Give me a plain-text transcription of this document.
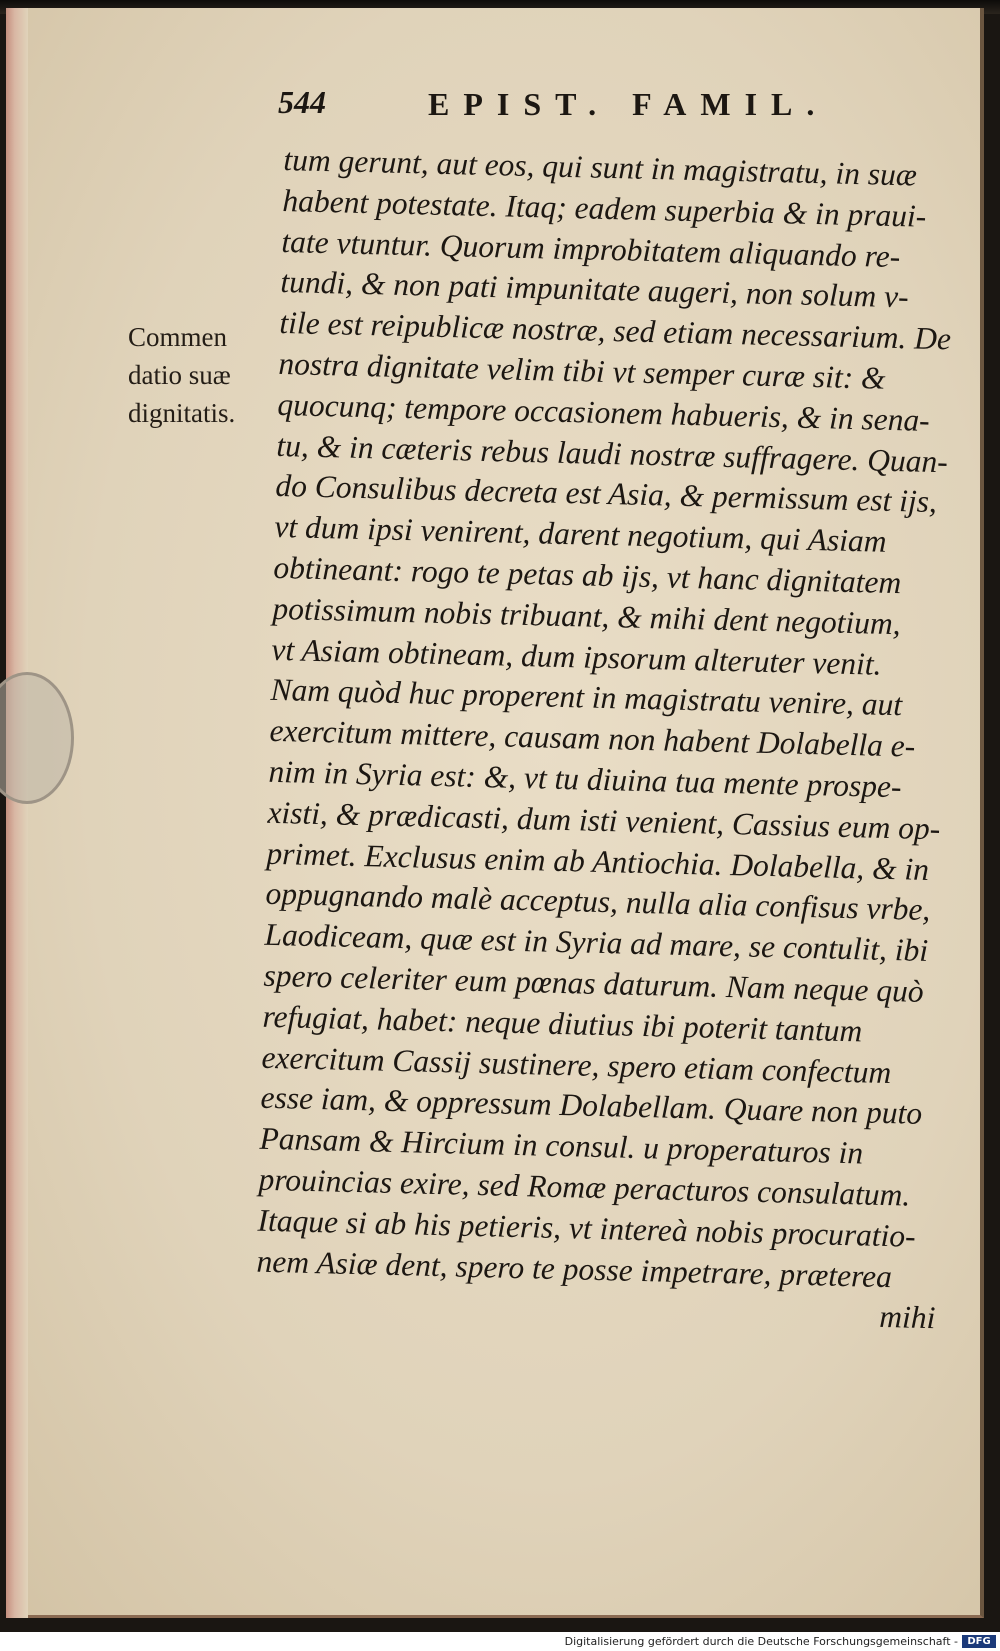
544	EPIST. FAMIL.
Commen
datio suæ
dignitatis.
tum gerunt, aut eos, qui sunt in magistratu, in suæ
habent potestate. Itaq; eadem superbia & in praui-
tate vtuntur. Quorum improbitatem aliquando re-
tundi, & non pati impunitate augeri, non solum v-
tile est reipublicæ nostræ, sed etiam necessarium. De
nostra dignitate velim tibi vt semper curæ sit: &
quocunq; tempore occasionem habueris, & in sena-
tu, & in cæteris rebus laudi nostræ suffragere. Quan-
do Consulibus decreta est Asia, & permissum est ijs,
vt dum ipsi venirent, darent negotium, qui Asiam
obtineant: rogo te petas ab ijs, vt hanc dignitatem
potissimum nobis tribuant, & mihi dent negotium,
vt Asiam obtineam, dum ipsorum alteruter venit.
Nam quòd huc properent in magistratu venire, aut
exercitum mittere, causam non habent Dolabella e-
nim in Syria est: &, vt tu diuina tua mente prospe-
xisti, & prædicasti, dum isti venient, Cassius eum op-
primet. Exclusus enim ab Antiochia. Dolabella, & in
oppugnando malè acceptus, nulla alia confisus vrbe,
Laodiceam, quæ est in Syria ad mare, se contulit, ibi
spero celeriter eum pœnas daturum. Nam neque quò
refugiat, habet: neque diutius ibi poterit tantum
exercitum Cassij sustinere, spero etiam confectum
esse iam, & oppressum Dolabellam. Quare non puto
Pansam & Hircium in consul. u properaturos in
prouincias exire, sed Romæ peracturos consulatum.
Itaque si ab his petieris, vt intereà nobis procuratio-
nem Asiæ dent, spero te posse impetrare, præterea
mihi
Digitalisierung gefördert durch die Deutsche Forschungsgemeinschaft - DFG
